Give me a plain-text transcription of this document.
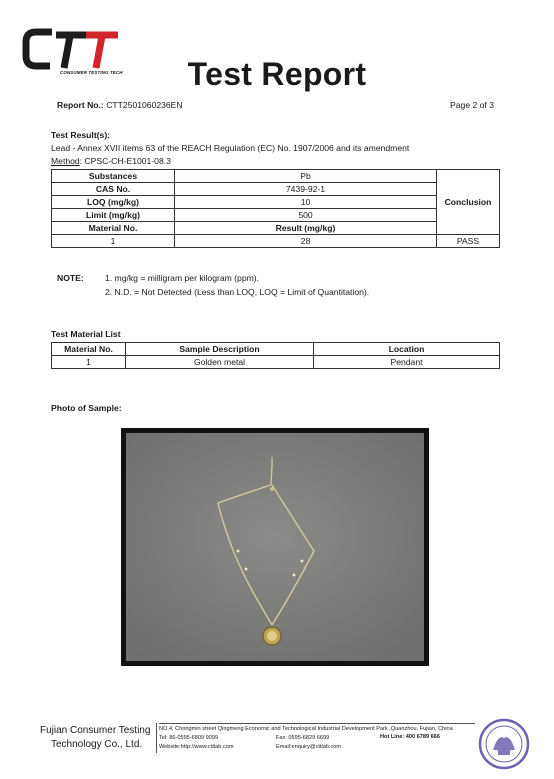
CONSUMER TESTING TECH	Test Report
Report No.: CTT2501060236EN	Page 2 of 3
Test Result(s):
Lead - Annex XVII items 63 of the REACH Regulation (EC) No. 1907/2006 and its amendment
Method: CPSC-CH-E1001-08.3
Substances	Pb	Conclusion
CAS No.	7439-92-1	
LOQ (mg/kg)	10	
Limit (mg/kg)	500	
Material No.	Result (mg/kg)	
1	28	PASS
NOTE: 1. mg/kg = milligram per kilogram (ppm).
2. N.D. = Not Detected (Less than LOQ, LOQ = Limit of Quantitation).
Test Material List
Material No.	Sample Description	Location
1	Golden metal	Pendant
Photo of Sample:
Fujian Consumer Testing
Technology Co., Ltd.
NO.4, Chongmin street Qingmeng Economic and Technological Industrial Development Park ,Quanzhou, Fujian, China
Tel: 86-0595-6809 9099	Fax: 0595-6829 6699	Hot Line: 400 6789 666
Website:http://www.cttlab.com	Email:enquiry@cttlab.com
